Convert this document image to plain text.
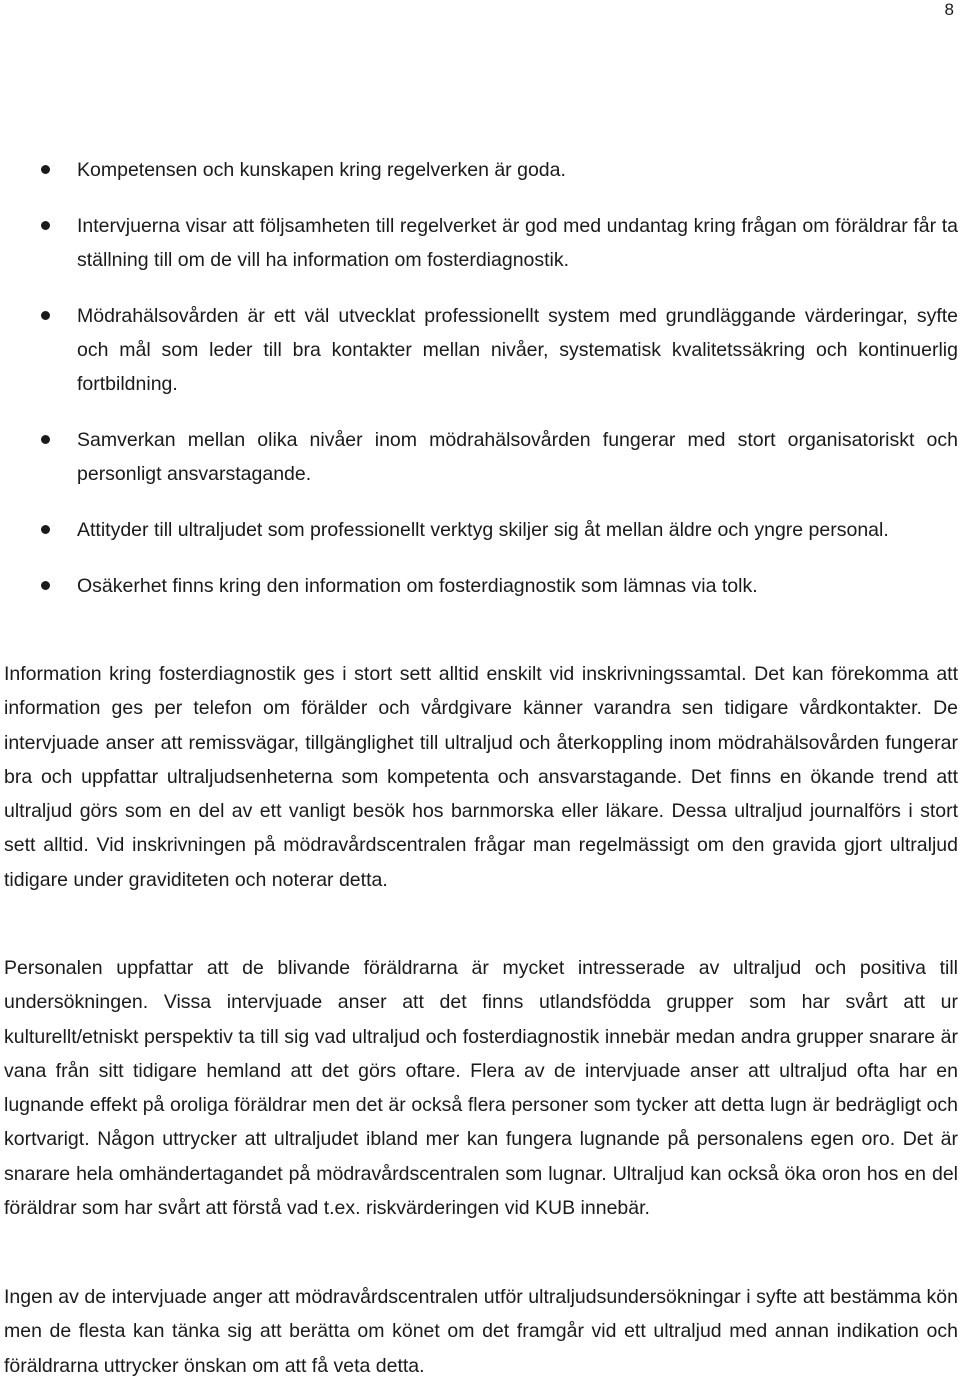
8
Kompetensen och kunskapen kring regelverken är goda.
Intervjuerna visar att följsamheten till regelverket är god med undantag kring frågan om föräldrar får ta ställning till om de vill ha information om fosterdiagnostik.
Mödrahälsovården är ett väl utvecklat professionellt system med grundläggande värderingar, syfte och mål som leder till bra kontakter mellan nivåer, systematisk kvalitetssäkring och kontinuerlig fortbildning.
Samverkan mellan olika nivåer inom mödrahälsovården fungerar med stort organisatoriskt och personligt ansvarstagande.
Attityder till ultraljudet som professionellt verktyg skiljer sig åt mellan äldre och yngre personal.
Osäkerhet finns kring den information om fosterdiagnostik som lämnas via tolk.

Information kring fosterdiagnostik ges i stort sett alltid enskilt vid inskrivningssamtal. Det kan förekomma att information ges per telefon om förälder och vårdgivare känner varandra sen tidigare vårdkontakter. De intervjuade anser att remissvägar, tillgänglighet till ultraljud och återkoppling inom mödrahälsovården fungerar bra och uppfattar ultraljudsenheterna som kompetenta och ansvarstagande. Det finns en ökande trend att ultraljud görs som en del av ett vanligt besök hos barnmorska eller läkare. Dessa ultraljud journalförs i stort sett alltid. Vid inskrivningen på mödravårdscentralen frågar man regelmässigt om den gravida gjort ultraljud tidigare under graviditeten och noterar detta.

Personalen uppfattar att de blivande föräldrarna är mycket intresserade av ultraljud och positiva till undersökningen. Vissa intervjuade anser att det finns utlandsfödda grupper som har svårt att ur kulturellt/etniskt perspektiv ta till sig vad ultraljud och fosterdiagnostik innebär medan andra grupper snarare är vana från sitt tidigare hemland att det görs oftare. Flera av de intervjuade anser att ultraljud ofta har en lugnande effekt på oroliga föräldrar men det är också flera personer som tycker att detta lugn är bedrägligt och kortvarigt. Någon uttrycker att ultraljudet ibland mer kan fungera lugnande på personalens egen oro. Det är snarare hela omhändertagandet på mödravårdscentralen som lugnar. Ultraljud kan också öka oron hos en del föräldrar som har svårt att förstå vad t.ex. riskvärderingen vid KUB innebär.

Ingen av de intervjuade anger att mödravårdscentralen utför ultraljudsundersökningar i syfte att bestämma kön men de flesta kan tänka sig att berätta om könet om det framgår vid ett ultraljud med annan indikation och föräldrarna uttrycker önskan om att få veta detta.
